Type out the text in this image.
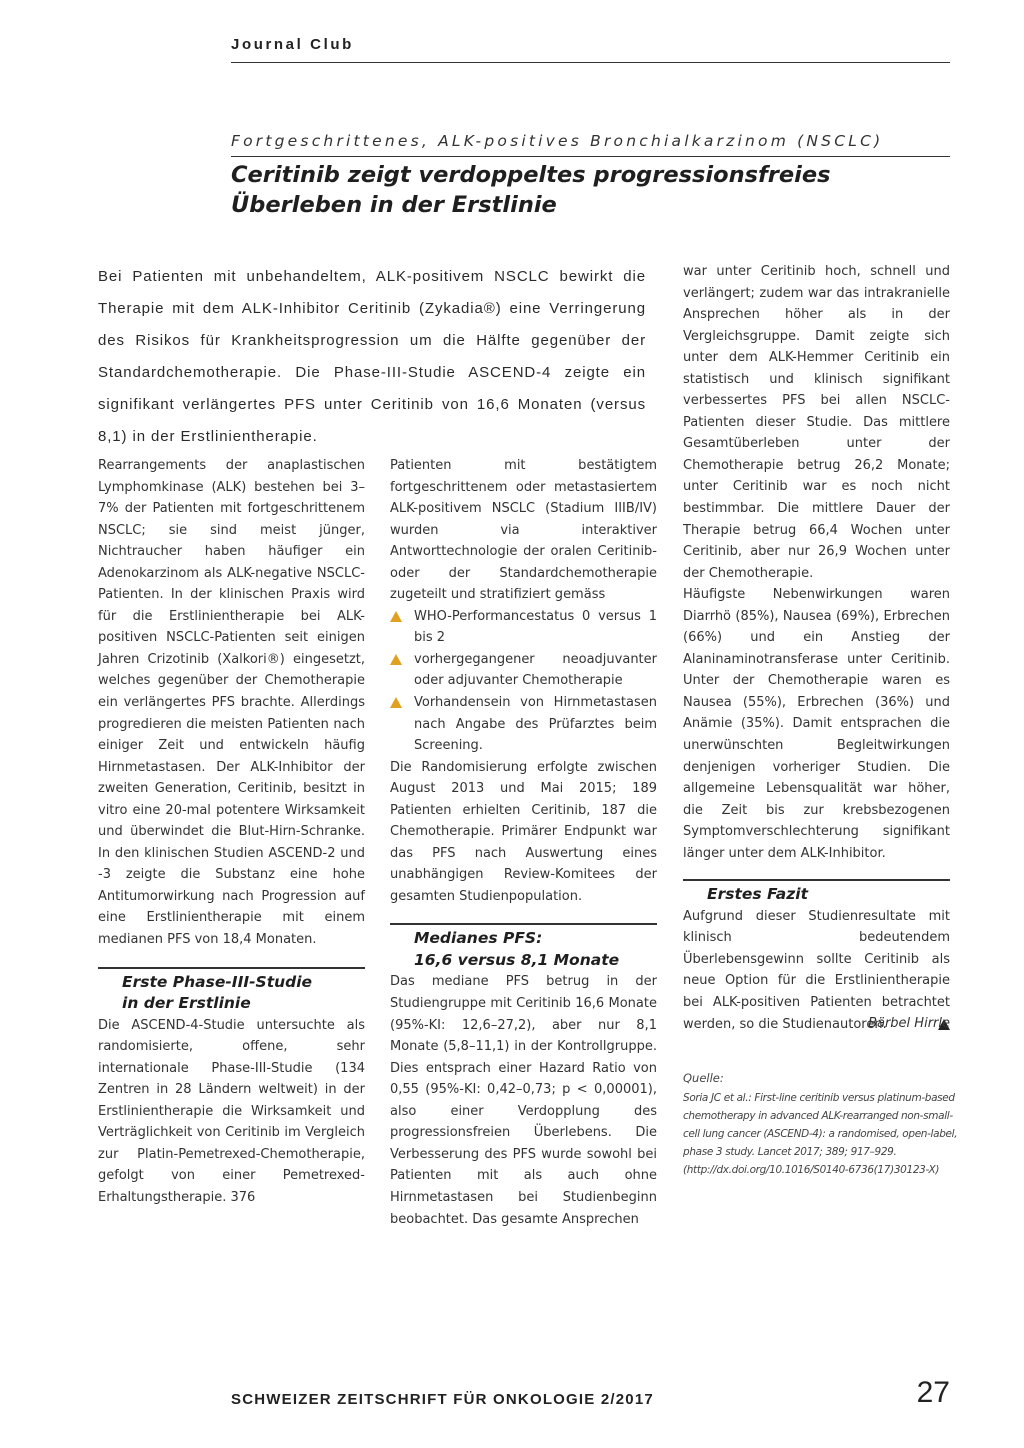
Journal Club
Fortgeschrittenes, ALK-positives Bronchialkarzinom (NSCLC)
Ceritinib zeigt verdoppeltes progressionsfreies
Überleben in der Erstlinie
Bei Patienten mit unbehandeltem, ALK-positivem NSCLC bewirkt die Therapie mit dem ALK-Inhibitor Ceritinib (Zykadia®) eine Verringerung des Risikos für Krankheitsprogression um die Hälfte gegenüber der Standardchemotherapie. Die Phase-III-Studie ASCEND-4 zeigte ein signifikant verlängertes PFS unter Ceritinib von 16,6 Monaten (versus 8,1) in der Erstlinientherapie.

Rearrangements der anaplastischen Lymphomkinase (ALK) bestehen bei 3–7% der Patienten mit fortgeschrittenem NSCLC; sie sind meist jünger, Nichtraucher haben häufiger ein Adenokarzinom als ALK-negative NSCLC-Patienten. In der klinischen Praxis wird für die Erstlinientherapie bei ALK-positiven NSCLC-Patienten seit einigen Jahren Crizotinib (Xalkori®) eingesetzt, welches gegenüber der Chemotherapie ein verlängertes PFS brachte. Allerdings progredieren die meisten Patienten nach einiger Zeit und entwickeln häufig Hirnmetastasen. Der ALK-Inhibitor der zweiten Generation, Ceritinib, besitzt in vitro eine 20-mal potentere Wirksamkeit und überwindet die Blut-Hirn-Schranke. In den klinischen Studien ASCEND-2 und -3 zeigte die Substanz eine hohe Antitumorwirkung nach Progression auf eine Erstlinientherapie mit einem medianen PFS von 18,4 Monaten.

Erste Phase-III-Studie

in der Erstlinie

Die ASCEND-4-Studie untersuchte als randomisierte, offene, sehr internationale Phase-III-Studie (134 Zentren in 28 Ländern weltweit) in der Erstlinientherapie die Wirksamkeit und Verträglichkeit von Ceritinib im Vergleich zur Platin-Pemetrexed-Chemotherapie, gefolgt von einer Pemetrexed-Erhaltungstherapie. 376

Patienten mit bestätigtem fortgeschrittenem oder metastasiertem ALK-positivem NSCLC (Stadium IIIB/IV) wurden via interaktiver Antworttechnologie der oralen Ceritinib- oder der Standardchemotherapie zugeteilt und stratifiziert gemäss

WHO-Performancestatus 0 versus 1 bis 2
vorhergegangener neoadjuvanter oder adjuvanter Chemotherapie
Vorhandensein von Hirnmetastasen nach Angabe des Prüfarztes beim Screening.

Die Randomisierung erfolgte zwischen August 2013 und Mai 2015; 189 Patienten erhielten Ceritinib, 187 die Chemotherapie. Primärer Endpunkt war das PFS nach Auswertung eines unabhängigen Review-Komitees der gesamten Studienpopulation.

Medianes PFS:

16,6 versus 8,1 Monate

Das mediane PFS betrug in der Studiengruppe mit Ceritinib 16,6 Monate (95%-KI: 12,6–27,2), aber nur 8,1 Monate (5,8–11,1) in der Kontrollgruppe. Dies entsprach einer Hazard Ratio von 0,55 (95%-KI: 0,42–0,73; p < 0,00001), also einer Verdopplung des progressionsfreien Überlebens. Die Verbesserung des PFS wurde sowohl bei Patienten mit als auch ohne Hirnmetastasen bei Studienbeginn beobachtet. Das gesamte Ansprechen

war unter Ceritinib hoch, schnell und verlängert; zudem war das intrakranielle Ansprechen höher als in der Vergleichsgruppe. Damit zeigte sich unter dem ALK-Hemmer Ceritinib ein statistisch und klinisch signifikant verbessertes PFS bei allen NSCLC-Patienten dieser Studie. Das mittlere Gesamtüberleben unter der Chemotherapie betrug 26,2 Monate; unter Ceritinib war es noch nicht bestimmbar. Die mittlere Dauer der Therapie betrug 66,4 Wochen unter Ceritinib, aber nur 26,9 Wochen unter der Chemotherapie.

Häufigste Nebenwirkungen waren Diarrhö (85%), Nausea (69%), Erbrechen (66%) und ein Anstieg der Alaninaminotransferase unter Ceritinib. Unter der Chemotherapie waren es Nausea (55%), Erbrechen (36%) und Anämie (35%). Damit entsprachen die unerwünschten Begleitwirkungen denjenigen vorheriger Studien. Die allgemeine Lebensqualität war höher, die Zeit bis zur krebsbezogenen Symptomverschlechterung signifikant länger unter dem ALK-Inhibitor.

Erstes Fazit

Aufgrund dieser Studienresultate mit klinisch bedeutendem Überlebensgewinn sollte Ceritinib als neue Option für die Erstlinientherapie bei ALK-positiven Patienten betrachtet werden, so die Studienautoren.

Bärbel Hirrle
Quelle:
Soria JC et al.: First-line ceritinib versus platinum-based
chemotherapy in advanced ALK-rearranged non-small-
cell lung cancer (ASCEND-4): a randomised, open-label,
phase 3 study. Lancet 2017; 389; 917–929.
(http://dx.doi.org/10.1016/S0140-6736(17)30123-X)
SCHWEIZER ZEITSCHRIFT FÜR ONKOLOGIE 2/2017	27
